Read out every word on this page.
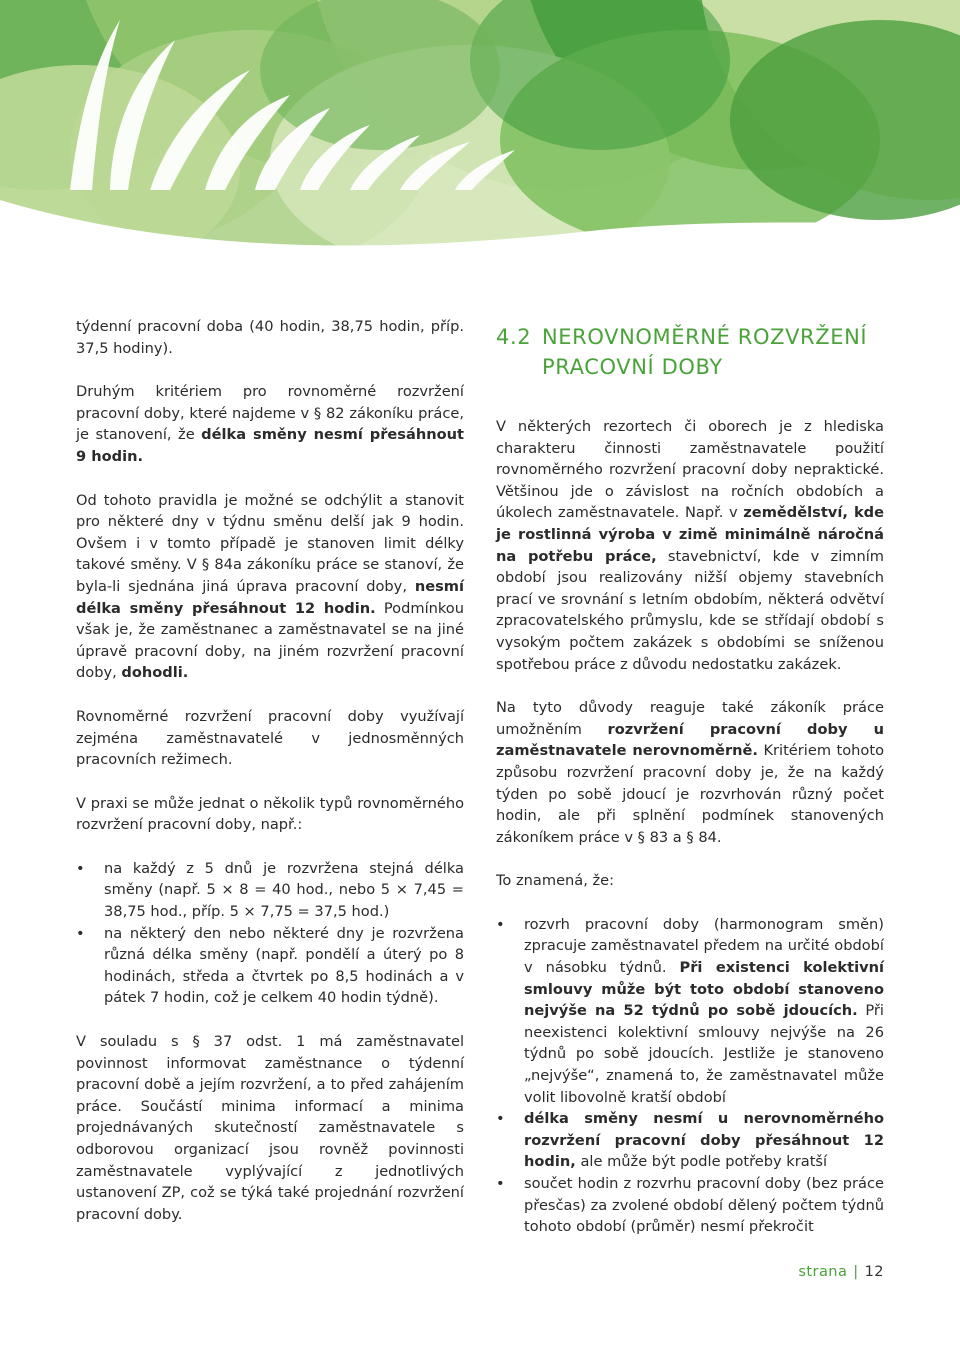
týdenní pracovní doba (40 hodin, 38,75 hodin, příp. 37,5 hodiny).

Druhým kritériem pro rovnoměrné rozvržení pracovní doby, které najdeme v § 82 zákoníku práce, je stanovení, že délka směny nesmí přesáhnout 9 hodin.

Od tohoto pravidla je možné se odchýlit a stanovit pro některé dny v týdnu směnu delší jak 9 hodin. Ovšem i v tomto případě je stanoven limit délky takové směny. V § 84a zákoníku práce se stanoví, že byla-li sjednána jiná úprava pracovní doby, nesmí délka směny přesáhnout 12 hodin. Podmínkou však je, že zaměstnanec a zaměstnavatel se na jiné úpravě pracovní doby, na jiném rozvržení pracovní doby, dohodli.

Rovnoměrné rozvržení pracovní doby využívají zejména zaměstnavatelé v jednosměnných pracovních režimech.

V praxi se může jednat o několik typů rovnoměrného rozvržení pracovní doby, např.:

• na každý z 5 dnů je rozvržena stejná délka směny (např. 5 × 8 = 40 hod., nebo 5 × 7,45 = 38,75 hod., příp. 5 × 7,75 = 37,5 hod.)
• na některý den nebo některé dny je rozvržena různá délka směny (např. pondělí a úterý po 8 hodinách, středa a čtvrtek po 8,5 hodinách a v pátek 7 hodin, což je celkem 40 hodin týdně).

V souladu s § 37 odst. 1 má zaměstnavatel povinnost informovat zaměstnance o týdenní pracovní době a jejím rozvržení, a to před zahájením práce. Součástí minima informací a minima projednávaných skutečností zaměstnavatele s odborovou organizací jsou rovněž povinnosti zaměstnavatele vyplývající z jednotlivých ustanovení ZP, což se týká také projednání rozvržení pracovní doby.

4.2 NEROVNOMĚRNÉ ROZVRŽENÍ
PRACOVNÍ DOBY

V některých rezortech či oborech je z hlediska charakteru činnosti zaměstnavatele použití rovnoměrného rozvržení pracovní doby nepraktické. Většinou jde o závislost na ročních obdobích a úkolech zaměstnavatele. Např. v zemědělství, kde je rostlinná výroba v zimě minimálně náročná na potřebu práce, stavebnictví, kde v zimním období jsou realizovány nižší objemy stavebních prací ve srovnání s letním obdobím, některá odvětví zpracovatelského průmyslu, kde se střídají období s vysokým počtem zakázek s obdobími se sníženou spotřebou práce z důvodu nedostatku zakázek.

Na tyto důvody reaguje také zákoník práce umožněním rozvržení pracovní doby u zaměstnavatele nerovnoměrně. Kritériem tohoto způsobu rozvržení pracovní doby je, že na každý týden po sobě jdoucí je rozvrhován různý počet hodin, ale při splnění podmínek stanovených zákoníkem práce v § 83 a § 84.

To znamená, že:

• rozvrh pracovní doby (harmonogram směn) zpracuje zaměstnavatel předem na určité období v násobku týdnů. Při existenci kolektivní smlouvy může být toto období stanoveno nejvýše na 52 týdnů po sobě jdoucích. Při neexistenci kolektivní smlouvy nejvýše na 26 týdnů po sobě jdoucích. Jestliže je stanoveno „nejvýše“, znamená to, že zaměstnavatel může volit libovolně kratší období
• délka směny nesmí u nerovnoměrného rozvržení pracovní doby přesáhnout 12 hodin, ale může být podle potřeby kratší
• součet hodin z rozvrhu pracovní doby (bez práce přesčas) za zvolené období dělený počtem týdnů tohoto období (průměr) nesmí překročit
strana | 12
